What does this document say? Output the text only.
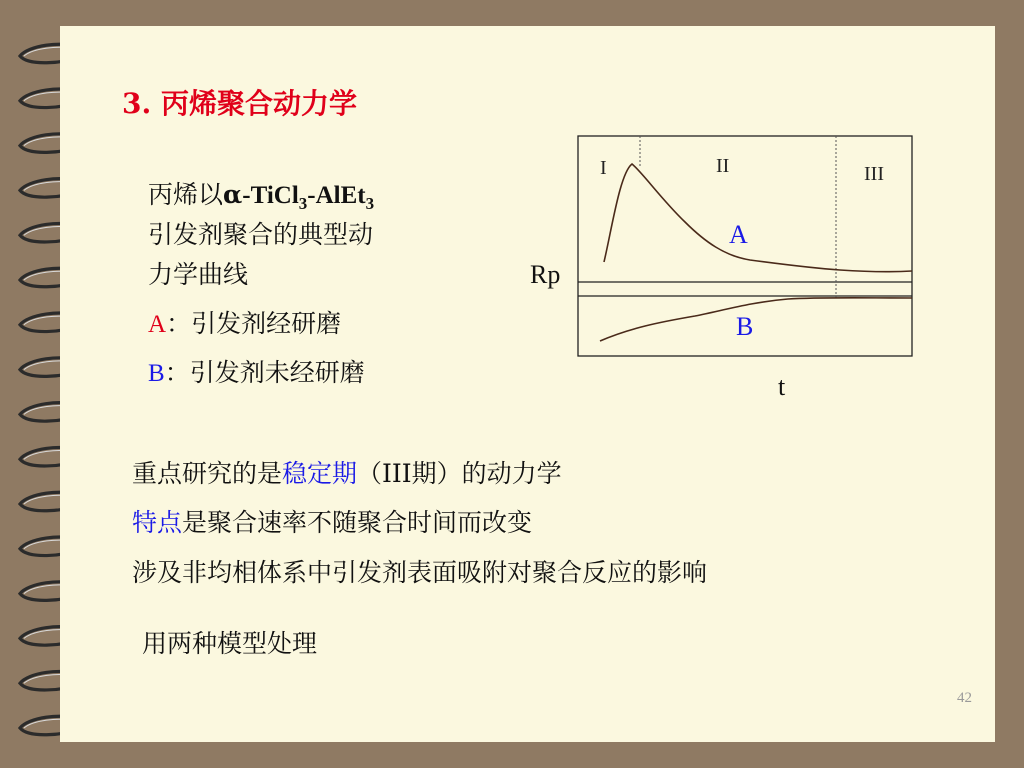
3. 丙烯聚合动力学
丙烯以α-TiCl$_3$-AlEt$_3$
引发剂聚合的典型动
力学曲线
A：引发剂经研磨
B：引发剂未经研磨
I	II	III
A
B
Rp
t
重点研究的是稳定期（III期）的动力学
特点是聚合速率不随聚合时间而改变
涉及非均相体系中引发剂表面吸附对聚合反应的影响
用两种模型处理
42
